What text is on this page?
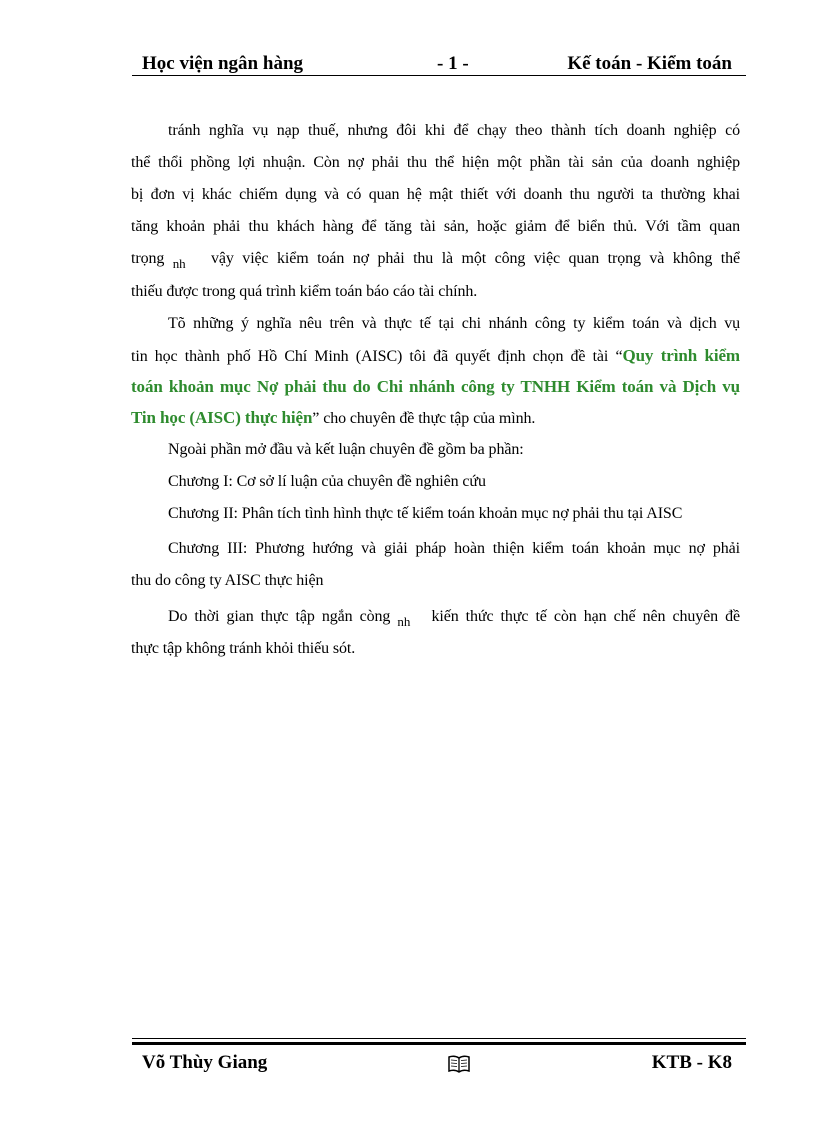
Học viện ngân hàng	- 1 -	Kế toán - Kiểm toán
tránh nghĩa vụ nạp thuế, nhưng đôi khi để chạy theo thành tích doanh nghiệp có
thể thổi phồng lợi nhuận. Còn nợ phải thu thể hiện một phần tài sản của doanh nghiệp
bị đơn vị khác chiếm dụng và có quan hệ mật thiết với doanh thu người ta thường khai
tăng khoản phải thu khách hàng để tăng tài sản, hoặc giảm để biển thủ. Với tầm quan
trọng $_{nh}$ vậy việc kiểm toán nợ phải thu là một công việc quan trọng và không thể
thiếu được trong quá trình kiểm toán báo cáo tài chính.
Tõ những ý nghĩa nêu trên và thực tế tại chi nhánh công ty kiểm toán và dịch vụ
tin học thành phố Hồ Chí Minh (AISC) tôi đã quyết định chọn đề tài “Quy trình kiểm
toán khoản mục Nợ phải thu do Chi nhánh công ty TNHH Kiểm toán và Dịch vụ
Tin học (AISC) thực hiện” cho chuyên đề thực tập của mình.
Ngoài phần mở đầu và kết luận chuyên đề gồm ba phần:
Chương I: Cơ sở lí luận của chuyên đề nghiên cứu
Chương II: Phân tích tình hình thực tế kiểm toán khoản mục nợ phải thu tại AISC
Chương III: Phương hướng và giải pháp hoàn thiện kiểm toán khoản mục nợ phải
thu do công ty AISC thực hiện
Do thời gian thực tập ngắn còng $_{nh}$ kiến thức thực tế còn hạn chế nên chuyên đề
thực tập không tránh khỏi thiếu sót.
Võ Thùy Giang	KTB - K8
